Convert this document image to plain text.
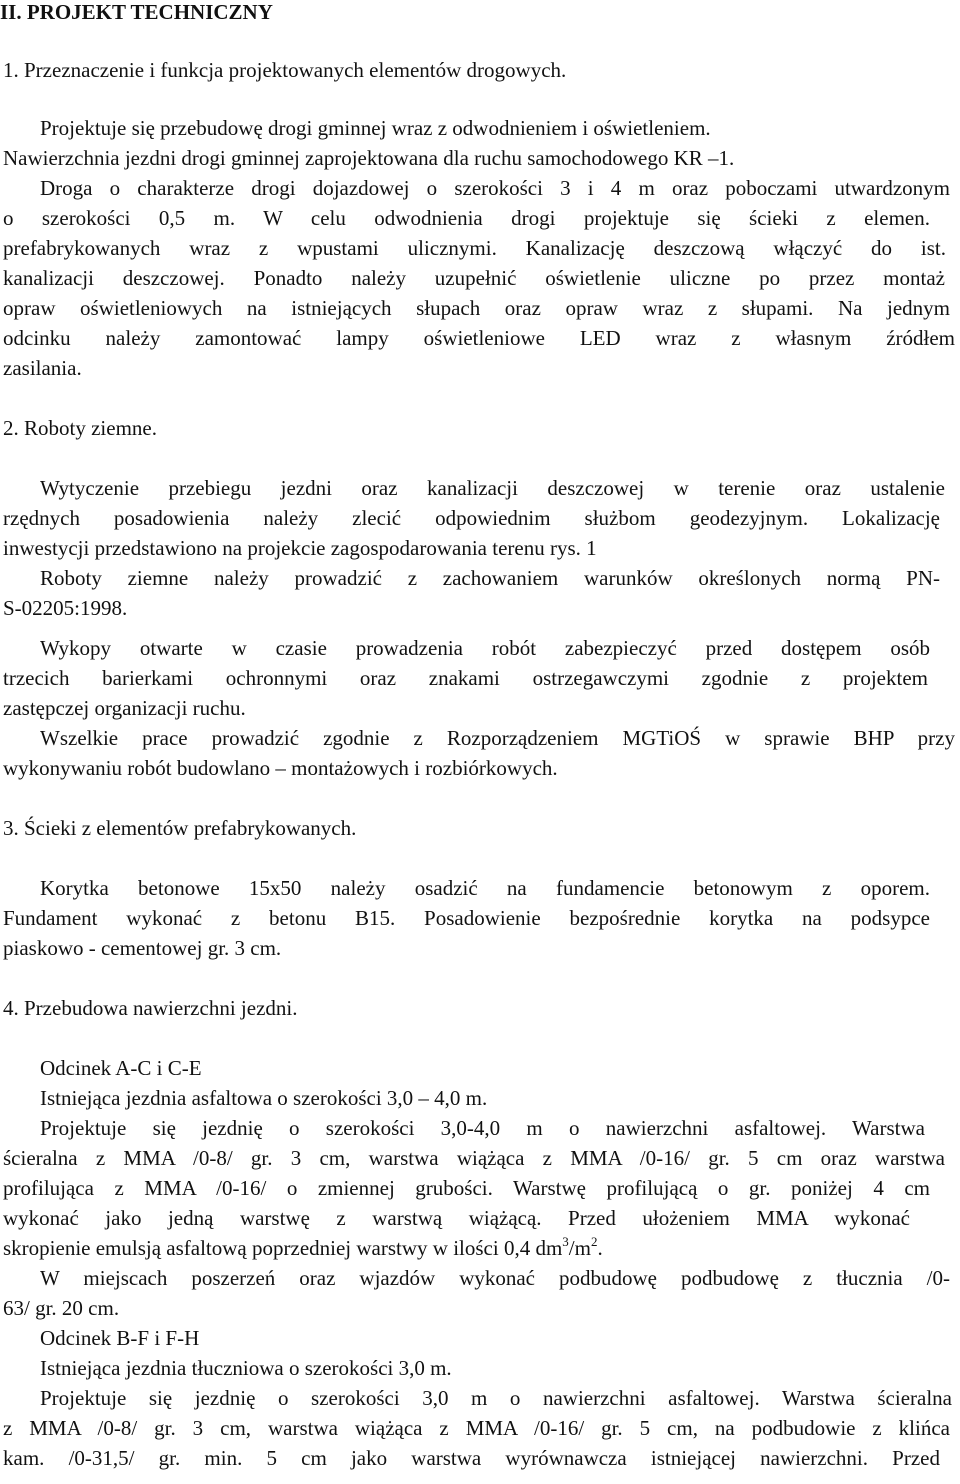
II. PROJEKT TECHNICZNY
1. Przeznaczenie i funkcja projektowanych elementów drogowych.
Projektuje się przebudowę drogi gminnej wraz z odwodnieniem i oświetleniem.
Nawierzchnia jezdni drogi gminnej zaprojektowana dla ruchu samochodowego KR –1.
Droga o charakterze drogi dojazdowej o szerokości 3 i 4 m oraz poboczami utwardzonym
o szerokości 0,5 m. W celu odwodnienia drogi projektuje się ścieki z elemen.
prefabrykowanych wraz z wpustami ulicznymi. Kanalizację deszczową włączyć do ist.
kanalizacji deszczowej. Ponadto należy uzupełnić oświetlenie uliczne po przez montaż
opraw oświetleniowych na istniejących słupach oraz opraw wraz z słupami. Na jednym
odcinku należy zamontować lampy oświetleniowe LED wraz z własnym źródłem
zasilania.
2. Roboty ziemne.
Wytyczenie przebiegu jezdni oraz kanalizacji deszczowej w terenie oraz ustalenie
rzędnych posadowienia należy zlecić odpowiednim służbom geodezyjnym. Lokalizację
inwestycji przedstawiono na projekcie zagospodarowania terenu rys. 1
Roboty ziemne należy prowadzić z zachowaniem warunków określonych normą PN-
S-02205:1998.
Wykopy otwarte w czasie prowadzenia robót zabezpieczyć przed dostępem osób
trzecich barierkami ochronnymi oraz znakami ostrzegawczymi zgodnie z projektem
zastępczej organizacji ruchu.
Wszelkie prace prowadzić zgodnie z Rozporządzeniem MGTiOŚ w sprawie BHP przy
wykonywaniu robót budowlano – montażowych i rozbiórkowych.
3. Ścieki z elementów prefabrykowanych.
Korytka betonowe 15x50 należy osadzić na fundamencie betonowym z oporem.
Fundament wykonać z betonu B15. Posadowienie bezpośrednie korytka na podsypce
piaskowo - cementowej gr. 3 cm.
4. Przebudowa nawierzchni jezdni.
Odcinek A-C i C-E
Istniejąca jezdnia asfaltowa o szerokości 3,0 – 4,0 m.
Projektuje się jezdnię o szerokości 3,0-4,0 m o nawierzchni asfaltowej. Warstwa
ścieralna z MMA /0-8/ gr. 3 cm, warstwa wiążąca z MMA /0-16/ gr. 5 cm oraz warstwa
profilująca z MMA /0-16/ o zmiennej grubości. Warstwę profilującą o gr. poniżej 4 cm
wykonać jako jedną warstwę z warstwą wiążącą. Przed ułożeniem MMA wykonać
skropienie emulsją asfaltową poprzedniej warstwy w ilości 0,4 $dm^3/m^2$.
W miejscach poszerzeń oraz wjazdów wykonać podbudowę podbudowę z tłucznia /0-
63/ gr. 20 cm.
Odcinek B-F i F-H
Istniejąca jezdnia tłuczniowa o szerokości 3,0 m.
Projektuje się jezdnię o szerokości 3,0 m o nawierzchni asfaltowej. Warstwa ścieralna
z MMA /0-8/ gr. 3 cm, warstwa wiążąca z MMA /0-16/ gr. 5 cm, na podbudowie z klińca
kam. /0-31,5/ gr. min. 5 cm jako warstwa wyrównawcza istniejącej nawierzchni. Przed
